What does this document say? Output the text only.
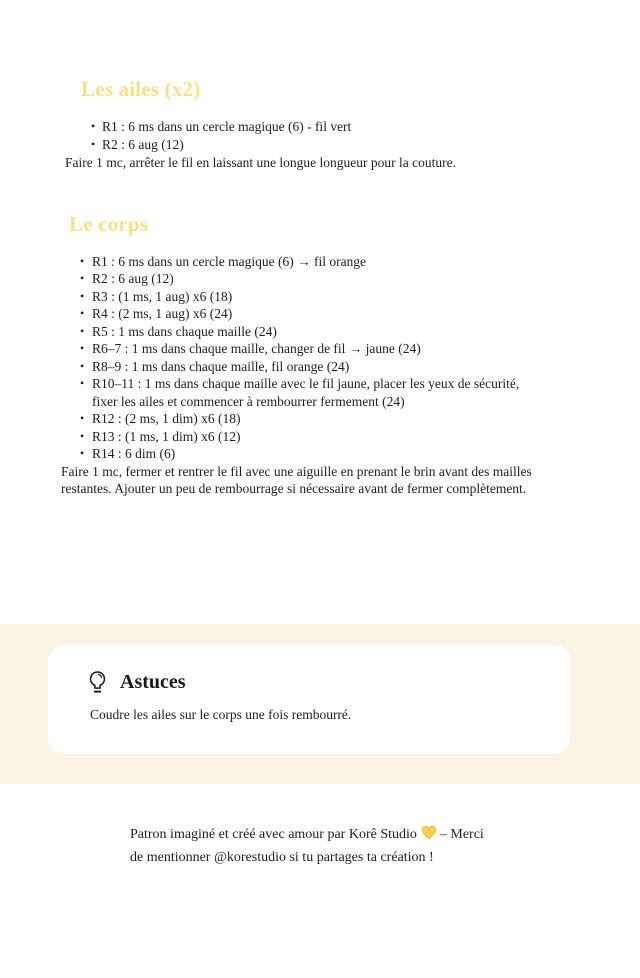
Les ailes (x2)
• R1 : 6 ms dans un cercle magique (6) - fil vert
• R2 : 6 aug (12)

Faire 1 mc, arrêter le fil en laissant une longue longueur pour la couture.

Le corps
• R1 : 6 ms dans un cercle magique (6) → fil orange
• R2 : 6 aug (12)
• R3 : (1 ms, 1 aug) x6 (18)
• R4 : (2 ms, 1 aug) x6 (24)
• R5 : 1 ms dans chaque maille (24)
• R6–7 : 1 ms dans chaque maille, changer de fil → jaune (24)
• R8–9 : 1 ms dans chaque maille, fil orange (24)
• R10–11 : 1 ms dans chaque maille avec le fil jaune, placer les yeux de sécurité, fixer les ailes et commencer à rembourrer fermement (24)
• R12 : (2 ms, 1 dim) x6 (18)
• R13 : (1 ms, 1 dim) x6 (12)
• R14 : 6 dim (6)

Faire 1 mc, fermer et rentrer le fil avec une aiguille en prenant le brin avant des mailles restantes. Ajouter un peu de rembourrage si nécessaire avant de fermer complètement.

Astuces

Coudre les ailes sur le corps une fois rembourré.

Patron imaginé et créé avec amour par Korê Studio – Merci
de mentionner @korestudio si tu partages ta création !
